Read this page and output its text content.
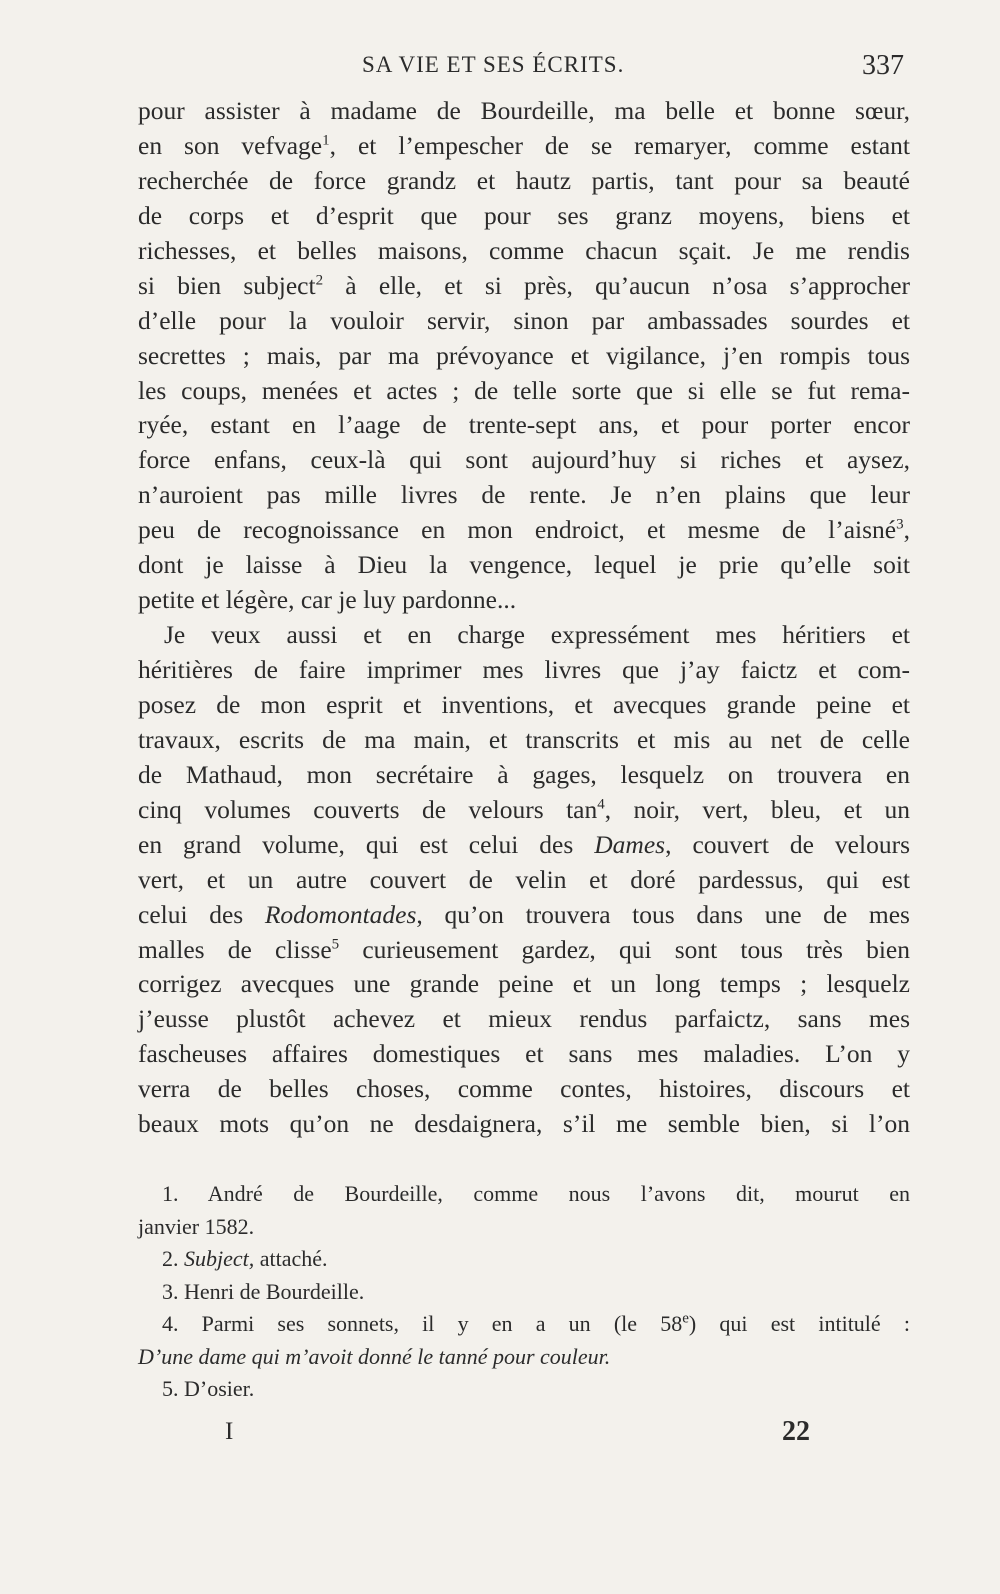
SA VIE ET SES ÉCRITS.	337
pour assister à madame de Bourdeille, ma belle et bonne sœur,
en son vefvage$^1$, et l’empescher de se remaryer, comme estant
recherchée de force grandz et hautz partis, tant pour sa beauté
de corps et d’esprit que pour ses granz moyens, biens et
richesses, et belles maisons, comme chacun sçait. Je me rendis
si bien subject$^2$ à elle, et si près, qu’aucun n’osa s’approcher
d’elle pour la vouloir servir, sinon par ambassades sourdes et
secrettes ; mais, par ma prévoyance et vigilance, j’en rompis tous
les coups, menées et actes ; de telle sorte que si elle se fut rema-
ryée, estant en l’aage de trente-sept ans, et pour porter encor
force enfans, ceux-là qui sont aujourd’huy si riches et aysez,
n’auroient pas mille livres de rente. Je n’en plains que leur
peu de recognoissance en mon endroict, et mesme de l’aisné$^3$,
dont je laisse à Dieu la vengence, lequel je prie qu’elle soit
petite et légère, car je luy pardonne...
Je veux aussi et en charge expressément mes héritiers et
héritières de faire imprimer mes livres que j’ay faictz et com-
posez de mon esprit et inventions, et avecques grande peine et
travaux, escrits de ma main, et transcrits et mis au net de celle
de Mathaud, mon secrétaire à gages, lesquelz on trouvera en
cinq volumes couverts de velours $\tan^4$, noir, vert, bleu, et un
en grand volume, qui est celui des Dames, couvert de velours
vert, et un autre couvert de velin et doré pardessus, qui est
celui des Rodomontades, qu’on trouvera tous dans une de mes
malles de clisse$^5$ curieusement gardez, qui sont tous très bien
corrigez avecques une grande peine et un long temps ; lesquelz
j’eusse plustôt achevez et mieux rendus parfaictz, sans mes
fascheuses affaires domestiques et sans mes maladies. L’on y
verra de belles choses, comme contes, histoires, discours et
beaux mots qu’on ne desdaignera, s’il me semble bien, si l’on
1. André de Bourdeille, comme nous l’avons dit, mourut en
janvier 1582.
2. Subject, attaché.
3. Henri de Bourdeille.
4. Parmi ses sonnets, il y en a un (le 58e) qui est intitulé :
D’une dame qui m’avoit donné le tanné pour couleur.
5. D’osier.
I	22
